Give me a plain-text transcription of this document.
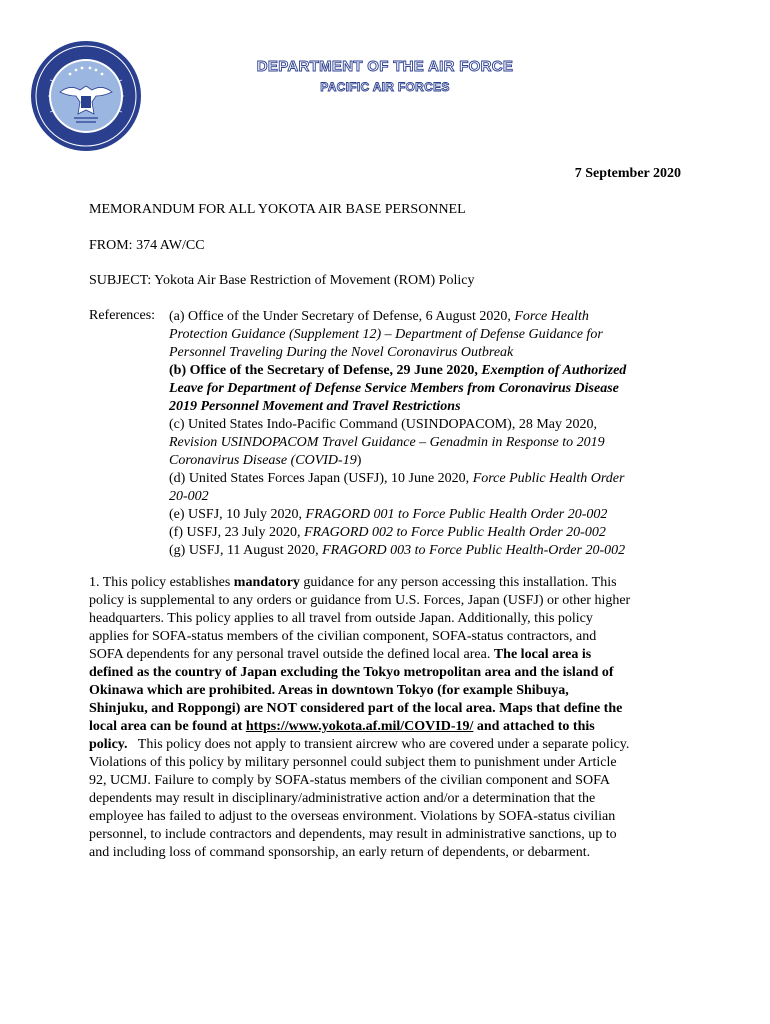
DEPARTMENT OF THE AIR FORCE
PACIFIC AIR FORCES
7 September 2020
MEMORANDUM FOR ALL YOKOTA AIR BASE PERSONNEL
FROM: 374 AW/CC
SUBJECT: Yokota Air Base Restriction of Movement (ROM) Policy
References: (a) Office of the Under Secretary of Defense, 6 August 2020, Force Health
Protection Guidance (Supplement 12) – Department of Defense Guidance for
Personnel Traveling During the Novel Coronavirus Outbreak
(b) Office of the Secretary of Defense, 29 June 2020, Exemption of Authorized
Leave for Department of Defense Service Members from Coronavirus Disease
2019 Personnel Movement and Travel Restrictions
(c) United States Indo-Pacific Command (USINDOPACOM), 28 May 2020,
Revision USINDOPACOM Travel Guidance – Genadmin in Response to 2019
Coronavirus Disease (COVID-19)
(d) United States Forces Japan (USFJ), 10 June 2020, Force Public Health Order
20-002
(e) USFJ, 10 July 2020, FRAGORD 001 to Force Public Health Order 20-002
(f) USFJ, 23 July 2020, FRAGORD 002 to Force Public Health Order 20-002
(g) USFJ, 11 August 2020, FRAGORD 003 to Force Public Health-Order 20-002
1. This policy establishes mandatory guidance for any person accessing this installation. This
policy is supplemental to any orders or guidance from U.S. Forces, Japan (USFJ) or other higher
headquarters. This policy applies to all travel from outside Japan. Additionally, this policy
applies for SOFA-status members of the civilian component, SOFA-status contractors, and
SOFA dependents for any personal travel outside the defined local area. The local area is
defined as the country of Japan excluding the Tokyo metropolitan area and the island of
Okinawa which are prohibited. Areas in downtown Tokyo (for example Shibuya,
Shinjuku, and Roppongi) are NOT considered part of the local area. Maps that define the
local area can be found at https://www.yokota.af.mil/COVID-19/ and attached to this
policy.   This policy does not apply to transient aircrew who are covered under a separate policy.
Violations of this policy by military personnel could subject them to punishment under Article
92, UCMJ. Failure to comply by SOFA-status members of the civilian component and SOFA
dependents may result in disciplinary/administrative action and/or a determination that the
employee has failed to adjust to the overseas environment. Violations by SOFA-status civilian
personnel, to include contractors and dependents, may result in administrative sanctions, up to
and including loss of command sponsorship, an early return of dependents, or debarment.
